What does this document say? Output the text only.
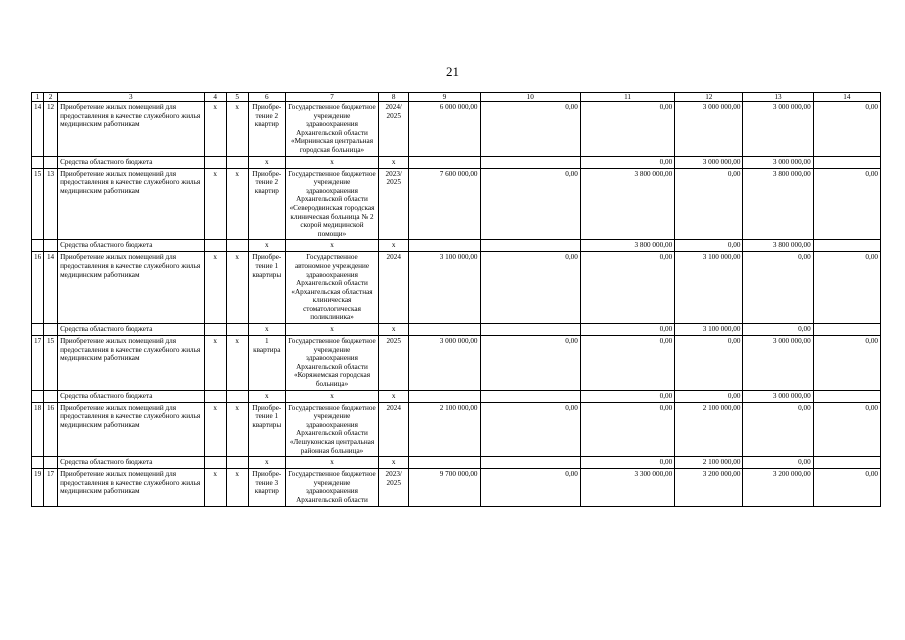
21
1	2	3	4	5	6	7	8	9	10	11	12	13	14
14	12	Приобретение жилых помещений для предоставления в качестве служебного жилья медицинским работникам	х	х	Приобре-тение 2 квартир	Государственное бюджетное учреждение здравоохранения Архангельской области «Мирнинская центральная городская больница»	2024/ 2025	6 000 000,00	0,00	0,00	3 000 000,00	3 000 000,00	0,00
		Средства областного бюджета			х	х	х			0,00	3 000 000,00	3 000 000,00	
15	13	Приобретение жилых помещений для предоставления в качестве служебного жилья медицинским работникам	х	х	Приобре-тение 2 квартир	Государственное бюджетное учреждение здравоохранения Архангельской области «Северодвинская городская клиническая больница № 2 скорой медицинской помощи»	2023/ 2025	7 600 000,00	0,00	3 800 000,00	0,00	3 800 000,00	0,00
		Средства областного бюджета			х	х	х			3 800 000,00	0,00	3 800 000,00	
16	14	Приобретение жилых помещений для предоставления в качестве служебного жилья медицинским работникам	х	х	Приобре-тение 1 квартиры	Государственное автономное учреждение здравоохранения Архангельской области «Архангельская областная клиническая стоматологическая поликлиника»	2024	3 100 000,00	0,00	0,00	3 100 000,00	0,00	0,00
		Средства областного бюджета			х	х	х			0,00	3 100 000,00	0,00	
17	15	Приобретение жилых помещений для предоставления в качестве служебного жилья медицинским работникам	х	х	1 квартира	Государственное бюджетное учреждение здравоохранения Архангельской области «Коряжемская городская больница»	2025	3 000 000,00	0,00	0,00	0,00	3 000 000,00	0,00
		Средства областного бюджета			х	х	х			0,00	0,00	3 000 000,00	
18	16	Приобретение жилых помещений для предоставления в качестве служебного жилья медицинским работникам	х	х	Приобре-тение 1 квартиры	Государственное бюджетное учреждение здравоохранения Архангельской области «Лешуконская центральная районная больница»	2024	2 100 000,00	0,00	0,00	2 100 000,00	0,00	0,00
		Средства областного бюджета			х	х	х			0,00	2 100 000,00	0,00	
19	17	Приобретение жилых помещений для предоставления в качестве служебного жилья медицинским работникам	х	х	Приобре-тение 3 квартир	Государственное бюджетное учреждение здравоохранения Архангельской области	2023/ 2025	9 700 000,00	0,00	3 300 000,00	3 200 000,00	3 200 000,00	0,00
